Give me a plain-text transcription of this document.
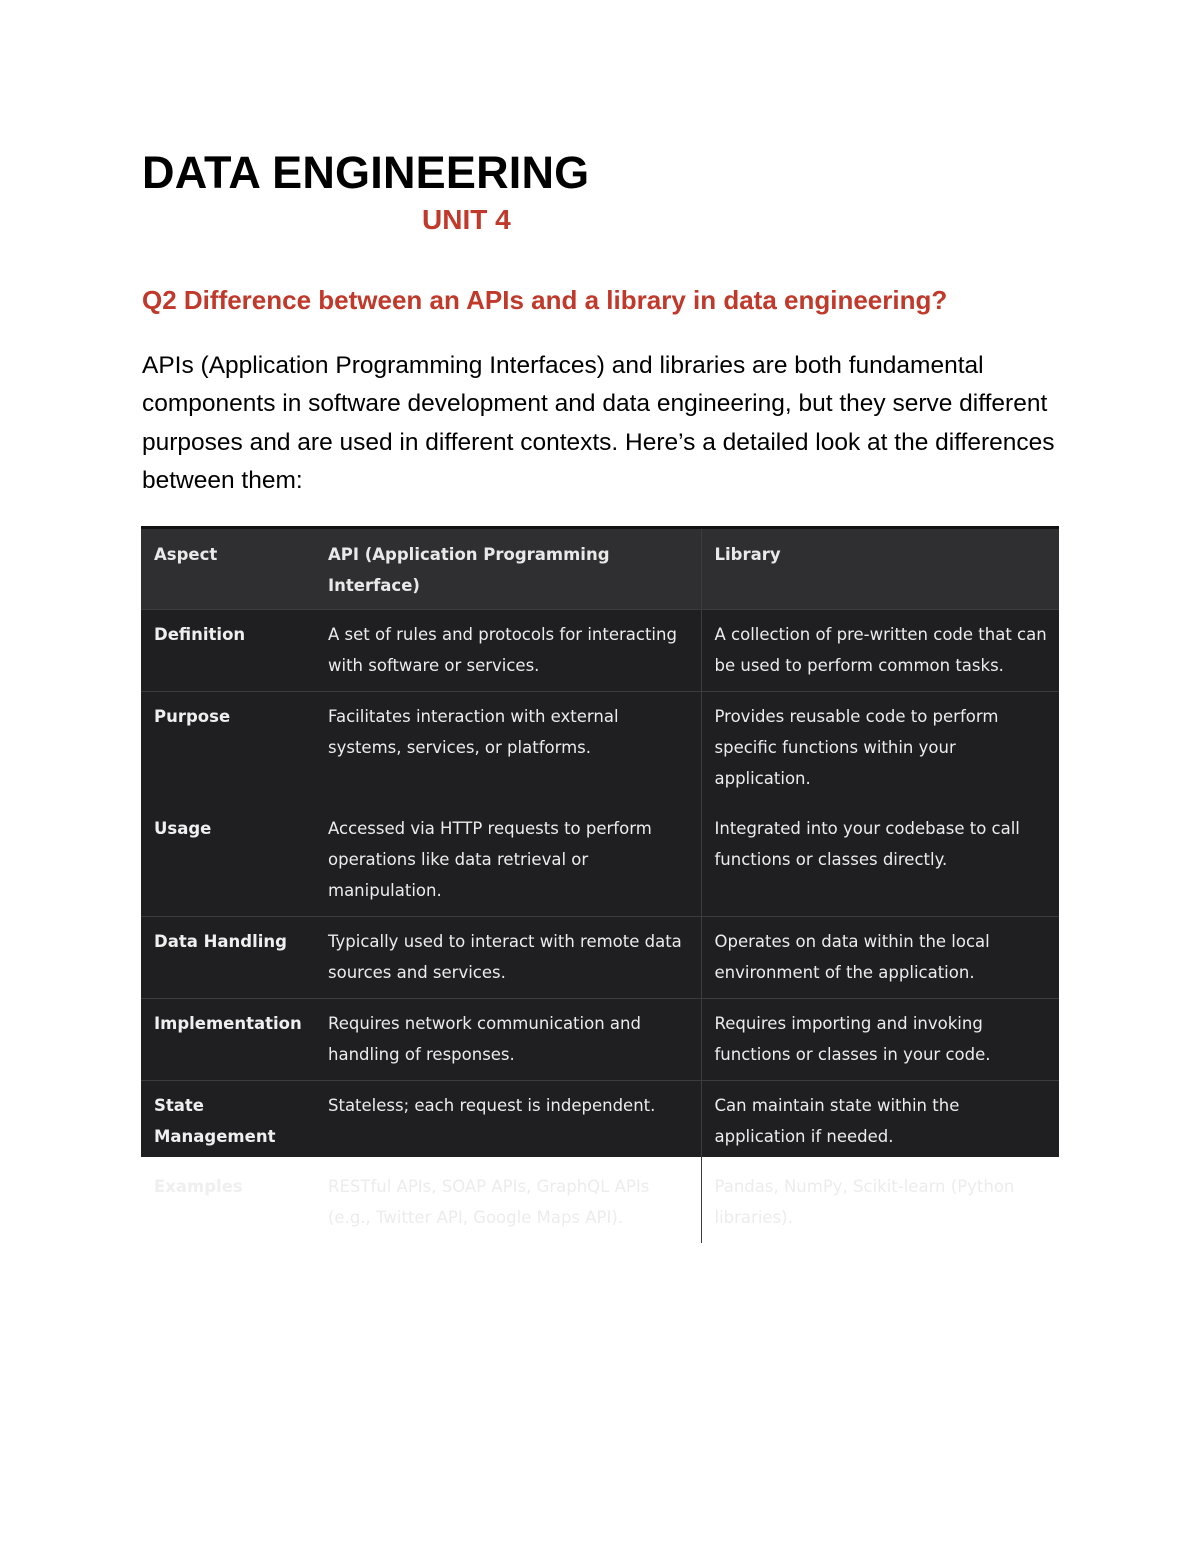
DATA ENGINEERING
UNIT 4
Q2 Difference between an APIs and a library in data engineering?

APIs (Application Programming Interfaces) and libraries are both fundamental components in software development and data engineering, but they serve different purposes and are used in different contexts. Here’s a detailed look at the differences between them:

Aspect	API (Application Programming Interface)	Library
Definition	A set of rules and protocols for interacting with software or services.	A collection of pre-written code that can be used to perform common tasks.
Purpose	Facilitates interaction with external systems, services, or platforms.	Provides reusable code to perform specific functions within your application.
Usage	Accessed via HTTP requests to perform operations like data retrieval or manipulation.	Integrated into your codebase to call functions or classes directly.
Data Handling	Typically used to interact with remote data sources and services.	Operates on data within the local environment of the application.
Implementation	Requires network communication and handling of responses.	Requires importing and invoking functions or classes in your code.
State Management	Stateless; each request is independent.	Can maintain state within the application if needed.
Examples	RESTful APIs, SOAP APIs, GraphQL APIs (e.g., Twitter API, Google Maps API).	Pandas, NumPy, Scikit-learn (Python libraries).
